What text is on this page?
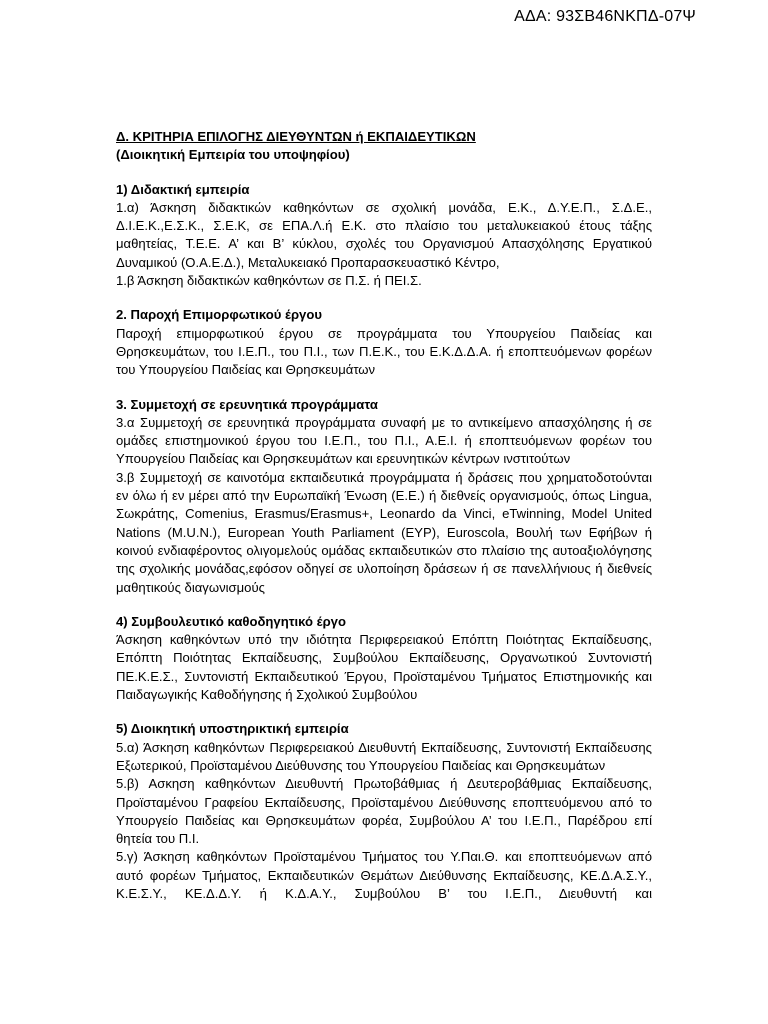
ΑΔΑ: 93ΣΒ46ΝΚΠΔ-07Ψ

Δ. ΚΡΙΤΗΡΙΑ ΕΠΙΛΟΓΗΣ ΔΙΕΥΘΥΝΤΩΝ ή ΕΚΠΑΙΔΕΥΤΙΚΩΝ

(Διοικητική Εμπειρία του υποψηφίου)

1) Διδακτική εμπειρία

1.α) Άσκηση διδακτικών καθηκόντων σε σχολική μονάδα, Ε.Κ., Δ.Υ.Ε.Π., Σ.Δ.Ε., Δ.Ι.Ε.Κ.,Ε.Σ.Κ., Σ.Ε.Κ, σε ΕΠΑ.Λ.ή Ε.Κ. στο πλαίσιο του μεταλυκειακού έτους τάξης μαθητείας, Τ.Ε.Ε. Α’ και Β’ κύκλου, σχολές του Οργανισμού Απασχόλησης Εργατικού Δυναμικού (Ο.Α.Ε.Δ.), Μεταλυκειακό Προπαρασκευαστικό Κέντρο,

1.β Άσκηση διδακτικών καθηκόντων σε Π.Σ. ή ΠΕΙ.Σ.

2. Παροχή Επιμορφωτικού έργου

Παροχή επιμορφωτικού έργου σε προγράμματα του Υπουργείου Παιδείας και Θρησκευμάτων, του Ι.Ε.Π., του Π.Ι., των Π.Ε.Κ., του Ε.Κ.Δ.Δ.Α. ή εποπτευόμενων φορέων του Υπουργείου Παιδείας και Θρησκευμάτων

3. Συμμετοχή σε ερευνητικά προγράμματα

3.α Συμμετοχή σε ερευνητικά προγράμματα συναφή με το αντικείμενο απασχόλησης ή σε ομάδες επιστημονικού έργου του Ι.Ε.Π., του Π.Ι., Α.Ε.Ι. ή εποπτευόμενων φορέων του Υπουργείου Παιδείας και Θρησκευμάτων και ερευνητικών κέντρων ινστιτούτων

3.β Συμμετοχή σε καινοτόμα εκπαιδευτικά προγράμματα ή δράσεις που χρηματοδοτούνται εν όλω ή εν μέρει από την Ευρωπαϊκή Ένωση (Ε.Ε.) ή διεθνείς οργανισμούς, όπως Lingua, Σωκράτης, Comenius, Erasmus/Erasmus+, Leonardo da Vinci, eTwinning, Model United Nations (M.U.N.), European Youth Parliament (EYP), Euroscola, Βουλή των Εφήβων ή κοινού ενδιαφέροντος ολιγομελούς ομάδας εκπαιδευτικών στο πλαίσιο της αυτοαξιολόγησης της σχολικής μονάδας,εφόσον οδηγεί σε υλοποίηση δράσεων ή σε πανελλήνιους ή διεθνείς μαθητικούς διαγωνισμούς

4) Συμβουλευτικό καθοδηγητικό έργο

Άσκηση καθηκόντων υπό την ιδιότητα Περιφερειακού Επόπτη Ποιότητας Εκπαίδευσης, Επόπτη Ποιότητας Εκπαίδευσης, Συμβούλου Εκπαίδευσης, Οργανωτικού Συντονιστή ΠΕ.Κ.Ε.Σ., Συντονιστή Εκπαιδευτικού Έργου, Προϊσταμένου Τμήματος Επιστημονικής και Παιδαγωγικής Καθοδήγησης ή Σχολικού Συμβούλου

5) Διοικητική υποστηρικτική εμπειρία

5.α) Άσκηση καθηκόντων Περιφερειακού Διευθυντή Εκπαίδευσης, Συντονιστή Εκπαίδευσης Εξωτερικού, Προϊσταμένου Διεύθυνσης του Υπουργείου Παιδείας και Θρησκευμάτων

5.β) Ασκηση καθηκόντων Διευθυντή Πρωτοβάθμιας ή Δευτεροβάθμιας Εκπαίδευσης, Προϊσταμένου Γραφείου Εκπαίδευσης, Προϊσταμένου Διεύθυνσης εποπτευόμενου από το Υπουργείο Παιδείας και Θρησκευμάτων φορέα, Συμβούλου Α’ του Ι.Ε.Π., Παρέδρου επί θητεία του Π.Ι.

5.γ) Άσκηση καθηκόντων Προϊσταμένου Τμήματος του Υ.Παι.Θ. και εποπτευόμενων από αυτό φορέων Τμήματος, Εκπαιδευτικών Θεμάτων Διεύθυνσης Εκπαίδευσης, ΚΕ.Δ.Α.Σ.Υ., Κ.Ε.Σ.Υ., ΚΕ.Δ.Δ.Υ. ή Κ.Δ.Α.Υ., Συμβούλου Β’ του Ι.Ε.Π., Διευθυντή και
